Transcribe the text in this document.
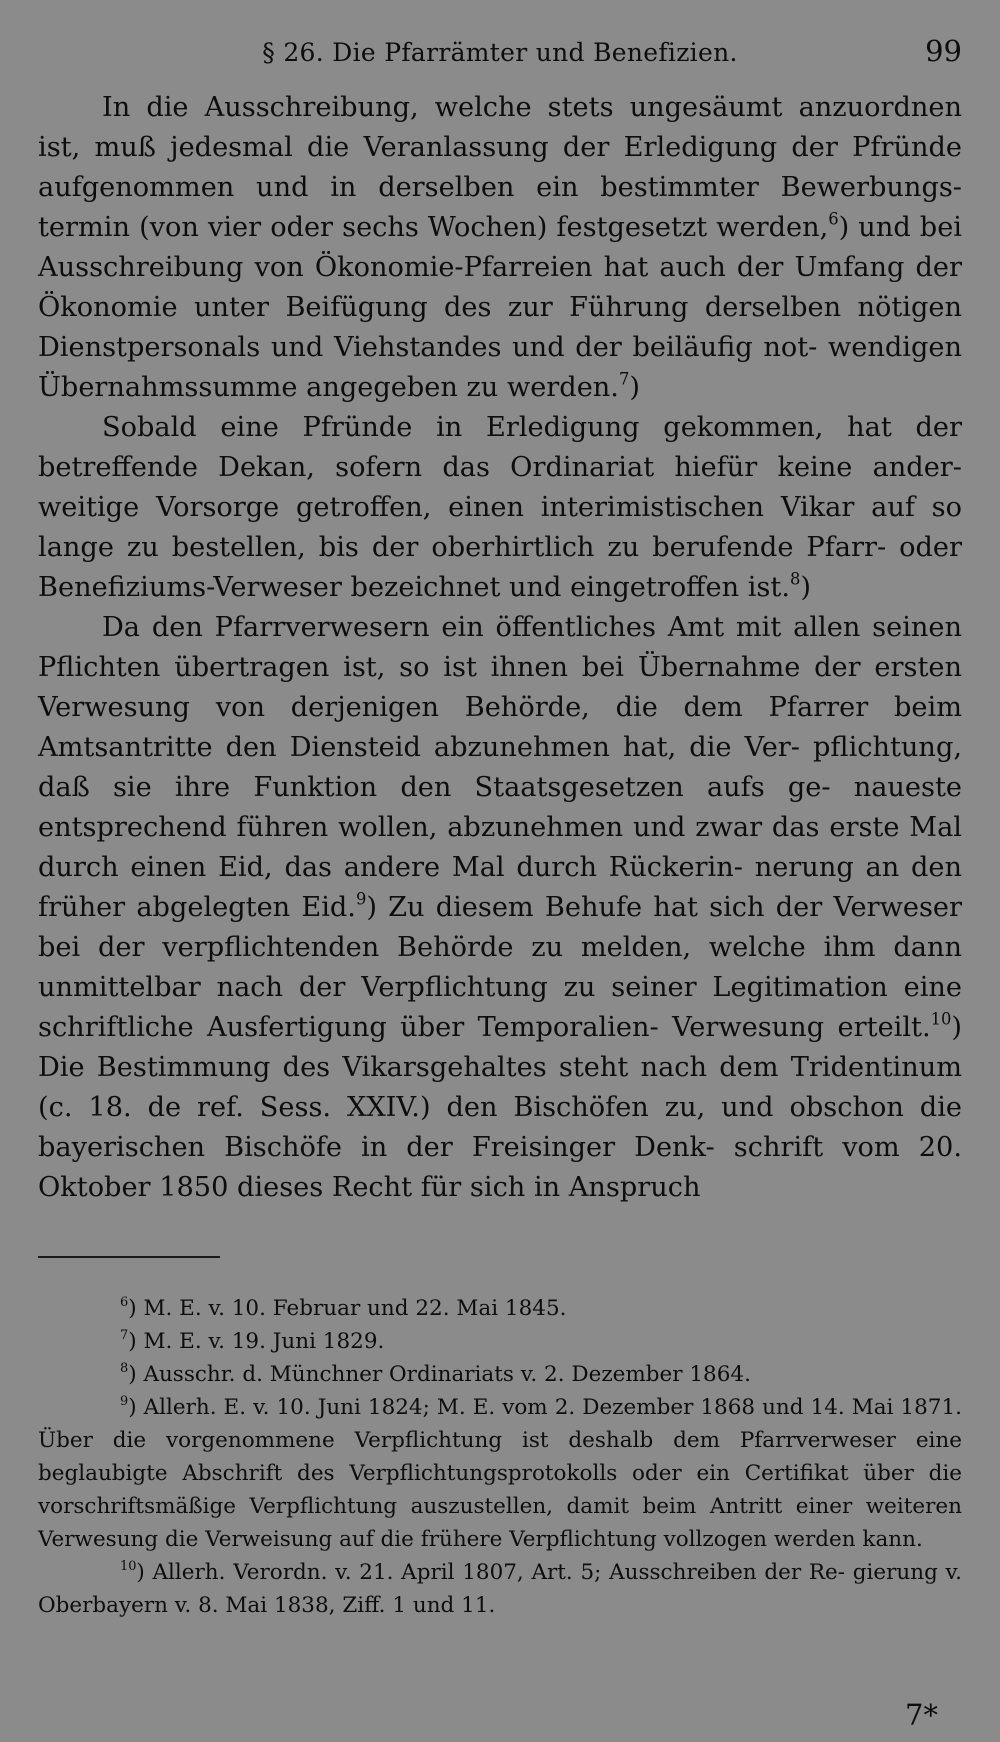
§ 26. Die Pfarrämter und Benefizien.	99

In die Ausschreibung, welche stets ungesäumt anzuordnen ist, muß jedesmal die Veranlassung der Erledigung der Pfründe aufgenommen und in derselben ein bestimmter Bewerbungs- termin (von vier oder sechs Wochen) festgesetzt werden,$^6$) und bei Ausschreibung von Ökonomie-Pfarreien hat auch der Umfang der Ökonomie unter Beifügung des zur Führung derselben nötigen Dienstpersonals und Viehstandes und der beiläufig not- wendigen Übernahmssumme angegeben zu werden.$^7$)

Sobald eine Pfründe in Erledigung gekommen, hat der betreffende Dekan, sofern das Ordinariat hiefür keine ander- weitige Vorsorge getroffen, einen interimistischen Vikar auf so lange zu bestellen, bis der oberhirtlich zu berufende Pfarr- oder Benefiziums-Verweser bezeichnet und eingetroffen ist.$^8$)

Da den Pfarrverwesern ein öffentliches Amt mit allen seinen Pflichten übertragen ist, so ist ihnen bei Übernahme der ersten Verwesung von derjenigen Behörde, die dem Pfarrer beim Amtsantritte den Diensteid abzunehmen hat, die Ver- pflichtung, daß sie ihre Funktion den Staatsgesetzen aufs ge- naueste entsprechend führen wollen, abzunehmen und zwar das erste Mal durch einen Eid, das andere Mal durch Rückerin- nerung an den früher abgelegten Eid.$^9$) Zu diesem Behufe hat sich der Verweser bei der verpflichtenden Behörde zu melden, welche ihm dann unmittelbar nach der Verpflichtung zu seiner Legitimation eine schriftliche Ausfertigung über Temporalien- Verwesung erteilt.$^{10}$) Die Bestimmung des Vikarsgehaltes steht nach dem Tridentinum (c. 18. de ref. Sess. XXIV.) den Bischöfen zu, und obschon die bayerischen Bischöfe in der Freisinger Denk- schrift vom 20. Oktober 1850 dieses Recht für sich in Anspruch

$^6$) M. E. v. 10. Februar und 22. Mai 1845.

$^7$) M. E. v. 19. Juni 1829.

$^8$) Ausschr. d. Münchner Ordinariats v. 2. Dezember 1864.

$^9$) Allerh. E. v. 10. Juni 1824; M. E. vom 2. Dezember 1868 und 14. Mai 1871. Über die vorgenommene Verpflichtung ist deshalb dem Pfarrverweser eine beglaubigte Abschrift des Verpflichtungsprotokolls oder ein Certifikat über die vorschriftsmäßige Verpflichtung auszustellen, damit beim Antritt einer weiteren Verwesung die Verweisung auf die frühere Verpflichtung vollzogen werden kann.

$^{10}$) Allerh. Verordn. v. 21. April 1807, Art. 5; Ausschreiben der Re- gierung v. Oberbayern v. 8. Mai 1838, Ziff. 1 und 11.

7*
